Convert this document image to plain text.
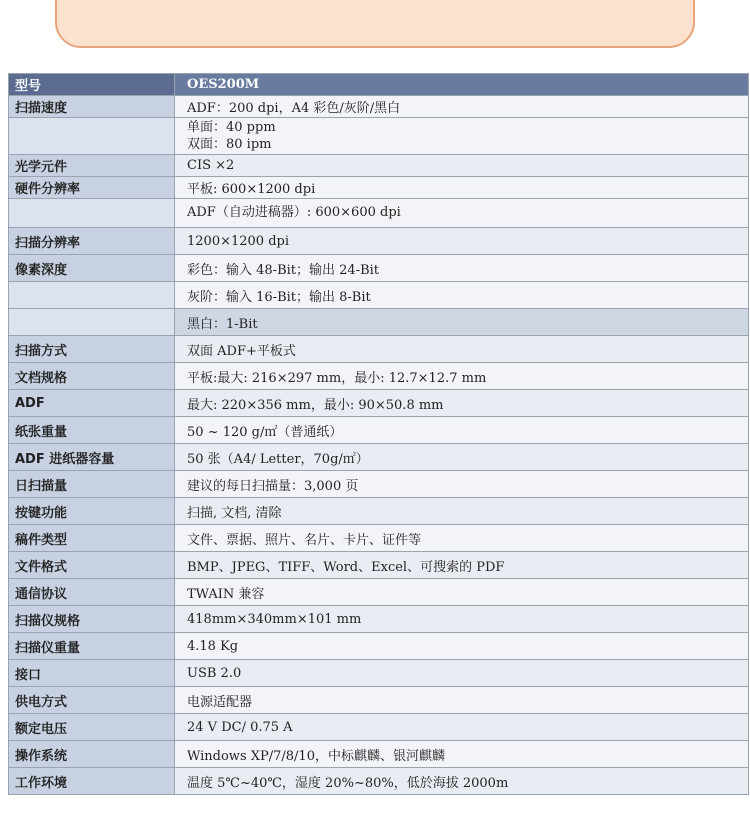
型号	OES200M
扫描速度	ADF：200 dpi，A4 彩色/灰阶/黑白

	单面：40 ppm
双面：80 ipm

光学元件	CIS ×2
硬件分辨率	平板: 600×1200 dpi
	ADF（自动进稿器）: 600×600 dpi
扫描分辨率	1200×1200 dpi
像素深度	彩色：输入 48-Bit；输出 24-Bit
	灰阶：输入 16-Bit；输出 8-Bit
	黑白：1-Bit
扫描方式	双面 ADF+平板式
文档规格	平板:最大: 216×297 mm，最小: 12.7×12.7 mm
ADF	最大: 220×356 mm，最小: 90×50.8 mm
纸张重量	50 ~ 120 g/㎡（普通纸）
ADF 进纸器容量	50 张（A4/ Letter，70g/㎡）
日扫描量	建议的每日扫描量：3,000 页
按键功能	扫描, 文档, 清除
稿件类型	文件、票据、照片、名片、卡片、证件等
文件格式	BMP、JPEG、TIFF、Word、Excel、可搜索的 PDF
通信协议	TWAIN 兼容
扫描仪规格	418mm×340mm×101 mm
扫描仪重量	4.18 Kg
接口	USB 2.0
供电方式	电源适配器
额定电压	24 V DC/ 0.75 A
操作系统	Windows XP/7/8/10，中标麒麟、银河麒麟
工作环境	温度 5℃~40℃，湿度 20%~80%，低於海拔 2000m
